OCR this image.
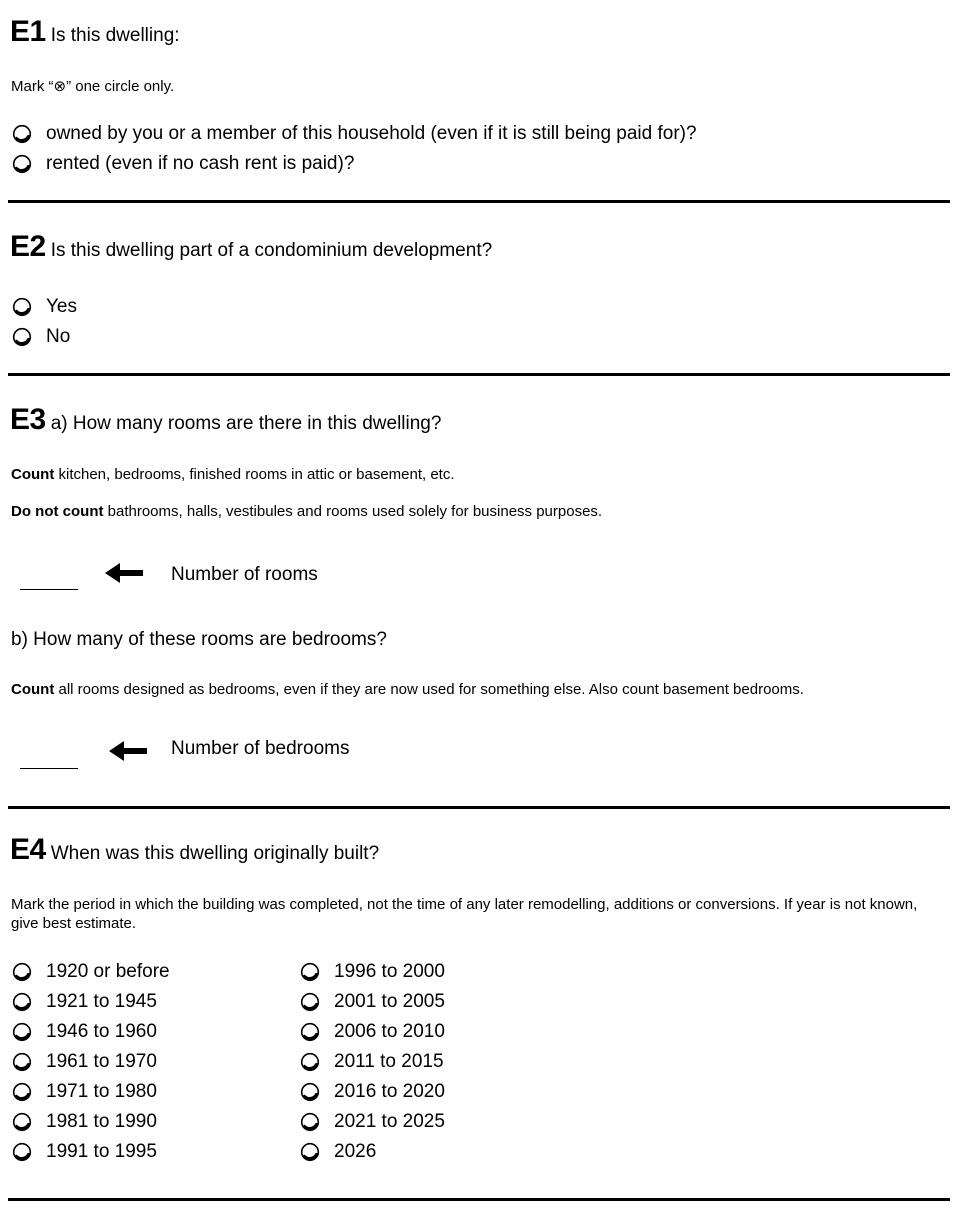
E1 Is this dwelling:
Mark “⊗” one circle only.
owned by you or a member of this household (even if it is still being paid for)?
rented (even if no cash rent is paid)?
E2 Is this dwelling part of a condominium development?
Yes
No
E3 a) How many rooms are there in this dwelling?
Count kitchen, bedrooms, finished rooms in attic or basement, etc.
Do not count bathrooms, halls, vestibules and rooms used solely for business purposes.
Number of rooms
b) How many of these rooms are bedrooms?
Count all rooms designed as bedrooms, even if they are now used for something else. Also count basement bedrooms.
Number of bedrooms
E4 When was this dwelling originally built?
Mark the period in which the building was completed, not the time of any later remodelling, additions or conversions. If year is not known, give best estimate.
1920 or before
1921 to 1945
1946 to 1960
1961 to 1970
1971 to 1980
1981 to 1990
1991 to 1995
1996 to 2000
2001 to 2005
2006 to 2010
2011 to 2015
2016 to 2020
2021 to 2025
2026
